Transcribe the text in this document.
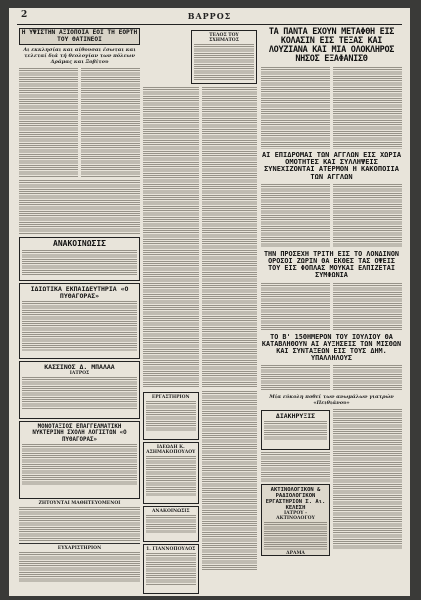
2	ΒΑΡΡΟΣ
Η ΥΨΙΣΤΗΝ ΑΞΙΟΠΟΙΑ ΕΟΙ ΤΗ ΕΟΡΤΗ ΤΟΥ ΘΑΤΙΝΕΟΙ
Αι εκκλησίαι και αίθουσαι έσωται και τελεταί διά τή θεολογίαν των πόλεων Δράμας και Ξοβίτου
ΑΝΑΚΟΙΝΩΣΙΣ
ΙΔΙΩΤΙΚΑ ΕΚΠΑΙΔΕΥΤΗΡΙΑ «Ο ΠΥΘΑΓΟΡΑΣ»
ΚΑΣΣΙΝΟΣ Δ. ΜΠΑΛΑΑ
ΙΑΤΡΟΣ
ΜΟΝΟΤΑΞΙΟΣ ΕΠΑΓΓΕΛΜΑΤΙΚΗ ΝΥΚΤΕΡΙΝΗ ΣΧΟΛΗ ΛΟΓΙΣΤΩΝ «Ο ΠΥΘΑΓΟΡΑΣ»
ΖΗΤΟΥΝΤΑΙ ΜΑΘΗΤΕΥΟΜΕΝΟΙ
ΕΥΧΑΡΙΣΤΗΡΙΟΝ
ΤΕΛΟΣ ΤΟΥ ΣΧΗΜΑΤΟΣ
ΕΡΓΑΣΤΗΡΙΟΝ
ΙΔΕΩΔΗ Κ. ΑΣΗΜΑΚΟΠΟΥΛΟΥ
ΑΝΑΚΟΙΝΩΣΙΣ
1. ΓΙΑΝΝΟΠΟΥΛΟΣ
ΤΑ ΠΑΝΤΑ ΕΧΟΥΝ ΜΕΤΑΦΘΗ ΕΙΣ ΚΟΛΑΣΙΝ ΕΙΣ ΤΕΞΑΣ ΚΑΙ ΛΟΥΖΙΑΝΑ ΚΑΙ ΜΙΑ ΟΛΟΚΛΗΡΟΣ ΝΗΣΟΣ ΕΞΑΦΑΝΙΣΘ
ΑΙ ΕΠΙΔΡΟΜΑΙ ΤΩΝ ΑΓΓΛΩΝ ΕΙΣ ΧΩΡΙΑ ΟΜΟΤΗΤΕΣ ΚΑΙ ΣΥΛΛΗΨΕΙΣ ΣΥΝΕΧΙΖΟΝΤΑΙ ΑΤΕΡΜΟΝ Η ΚΑΚΟΠΟΙΙΑ ΤΩΝ ΑΓΓΛΩΝ
ΤΗΝ ΠΡΟΣΕΧΗ ΤΡΙΤΗ ΕΙΣ ΤΟ ΛΟΝΔΙΝΟΝ ΟΡΟΣΟΙ ΖΩΡΙΝ ΘΑ ΕΚΘΕΣ ΤΑΣ ΟΨΕΙΣ ΤΟΥ ΕΙΣ ΦΟΠΛΑΣ ΜΟΥΚΑΙ ΕΛΠΙΖΕΤΑΙ ΣΥΜΦΩΝΙΑ
ΤΟ Β' 15ΘΗΜΕΡΟΝ ΤΟΥ ΙΟΥΛΙΟΥ ΘΑ ΚΑΤΑΒΛΗΘΟΥΝ ΑΙ ΑΥΞΗΣΕΙΣ ΤΩΝ ΜΙΣΘΩΝ ΚΑΙ ΣΥΝΤΑΞΕΩΝ ΕΙΣ ΤΟΥΣ ΔΗΜ. ΥΠΑΛΛΗΛΟΥΣ
Μία εύκολη ποθεί των ανωμάλων γιατρών «Πειθιάνου»
ΔΙΑΚΗΡΥΞΙΣ
ΑΚΤΙΝΟΛΟΓΙΚΟΝ & ΡΑΔΙΟΛΟΓΙΚΟΝ ΕΡΓΑΣΤΗΡΙΟΝ Σ. Αι. ΚΕΛΕΣΗ
ΙΑΤΡΟΥ - ΑΚΤΙΝΟΛΟΓΟΥ
ΔΡΑΜΑ
